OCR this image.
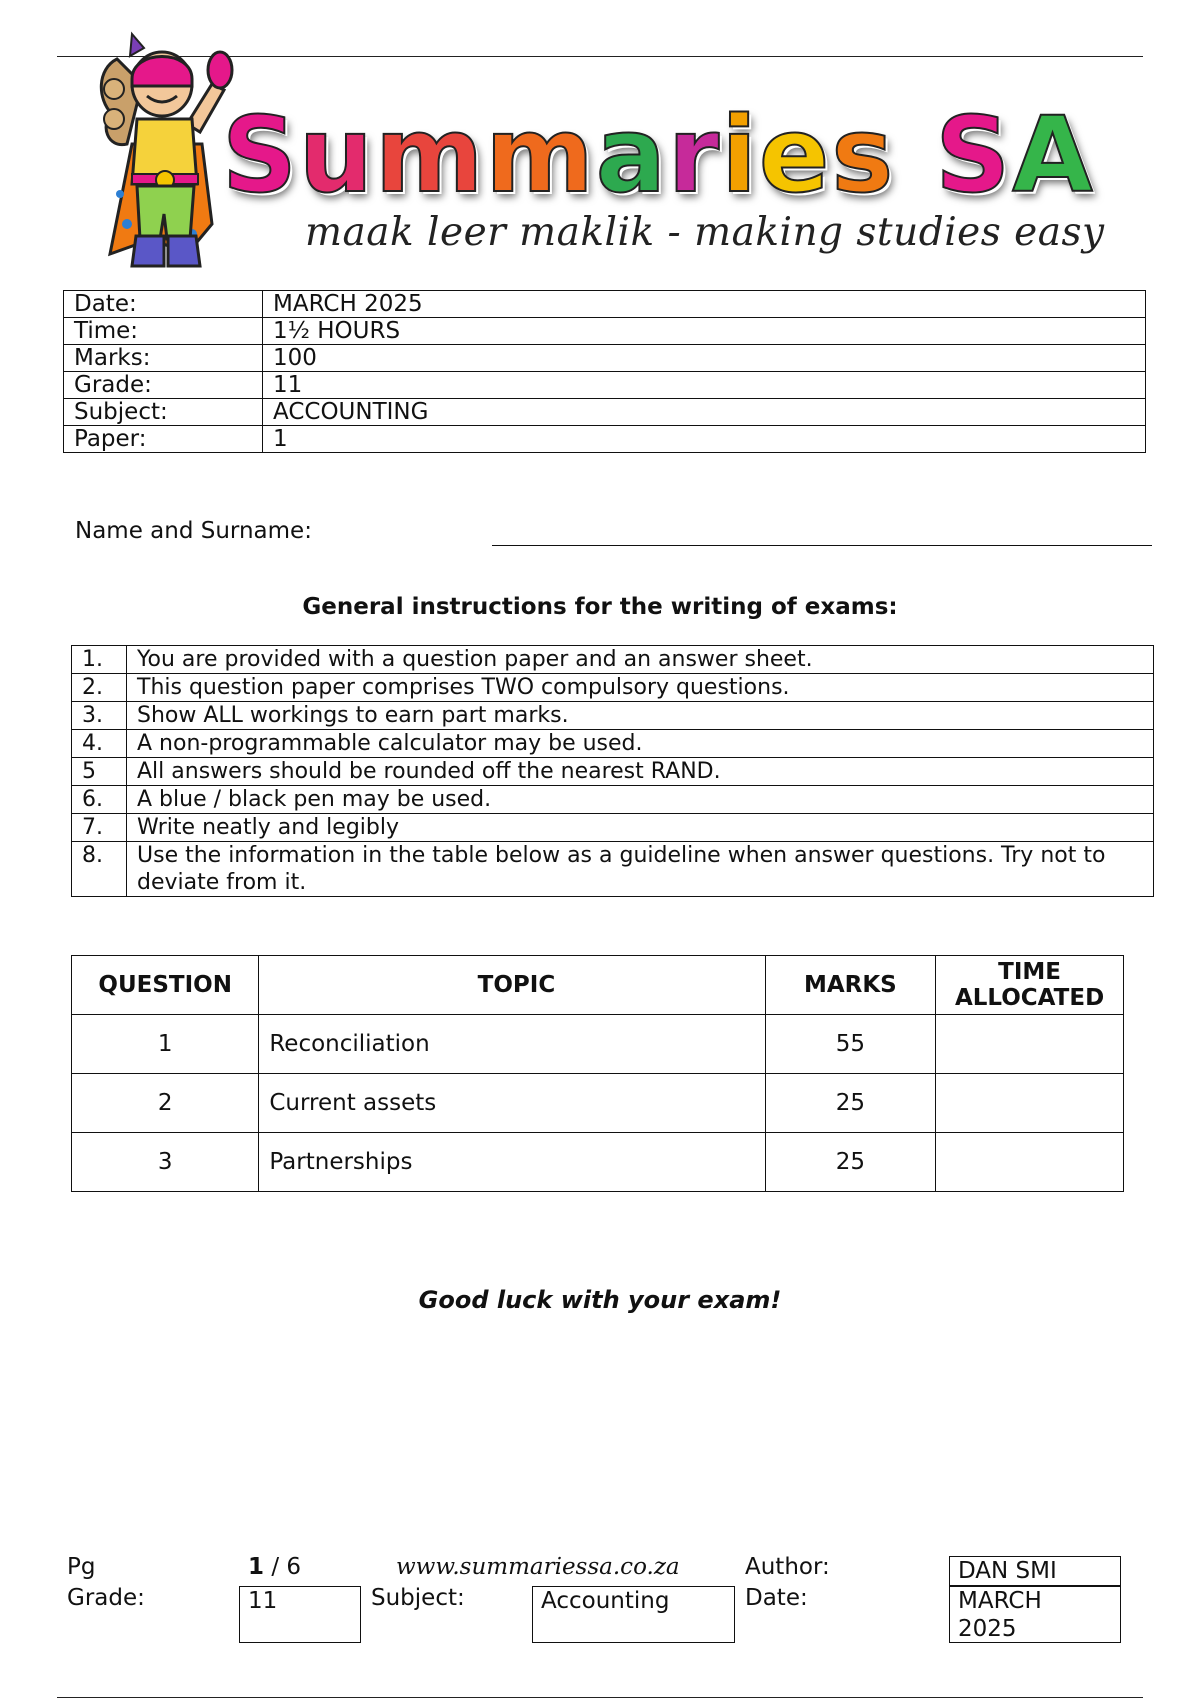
Summaries SA
maak leer maklik - making studies easy
Date:	MARCH 2025
Time:	1½ HOURS
Marks:	100
Grade:	11
Subject:	ACCOUNTING
Paper:	1
Name and Surname:
General instructions for the writing of exams:
1.	You are provided with a question paper and an answer sheet.
2.	This question paper comprises TWO compulsory questions.
3.	Show ALL workings to earn part marks.
4.	A non-programmable calculator may be used.
5	All answers should be rounded off the nearest RAND.
6.	A blue / black pen may be used.
7.	Write neatly and legibly
8.	Use the information in the table below as a guideline when answer questions. Try not to deviate from it.
QUESTION	TOPIC	MARKS	TIME
ALLOCATED

1	Reconciliation	55	
2	Current assets	25	
3	Partnerships	25	
Good luck with your exam!
Pg	1 / 6	www.summariessa.co.za	Author:	DAN SMI
Grade:	11	Subject:	Accounting	Date:	MARCH
2025
